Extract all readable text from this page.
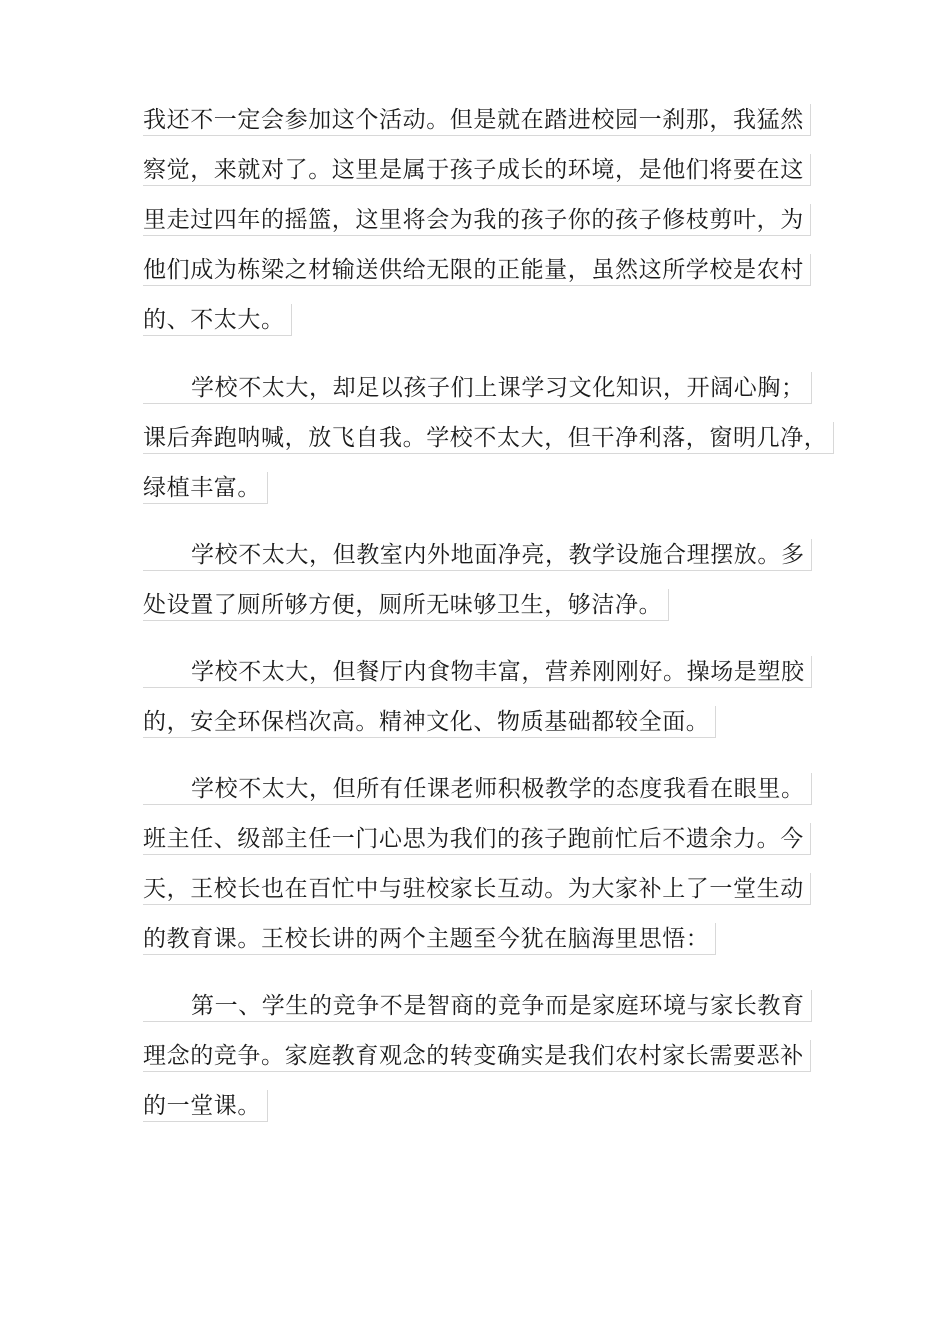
我还不一定会参加这个活动。但是就在踏进校园一刹那，我猛然
察觉，来就对了。这里是属于孩子成长的环境，是他们将要在这
里走过四年的摇篮，这里将会为我的孩子你的孩子修枝剪叶，为
他们成为栋梁之材输送供给无限的正能量，虽然这所学校是农村
的、不太大。
学校不太大，却足以孩子们上课学习文化知识，开阔心胸；
课后奔跑呐喊，放飞自我。学校不太大，但干净利落，窗明几净，
绿植丰富。
学校不太大，但教室内外地面净亮，教学设施合理摆放。多
处设置了厕所够方便，厕所无味够卫生，够洁净。
学校不太大，但餐厅内食物丰富，营养刚刚好。操场是塑胶
的，安全环保档次高。精神文化、物质基础都较全面。
学校不太大，但所有任课老师积极教学的态度我看在眼里。
班主任、级部主任一门心思为我们的孩子跑前忙后不遗余力。今
天，王校长也在百忙中与驻校家长互动。为大家补上了一堂生动
的教育课。王校长讲的两个主题至今犹在脑海里思悟：
第一、学生的竞争不是智商的竞争而是家庭环境与家长教育
理念的竞争。家庭教育观念的转变确实是我们农村家长需要恶补
的一堂课。
